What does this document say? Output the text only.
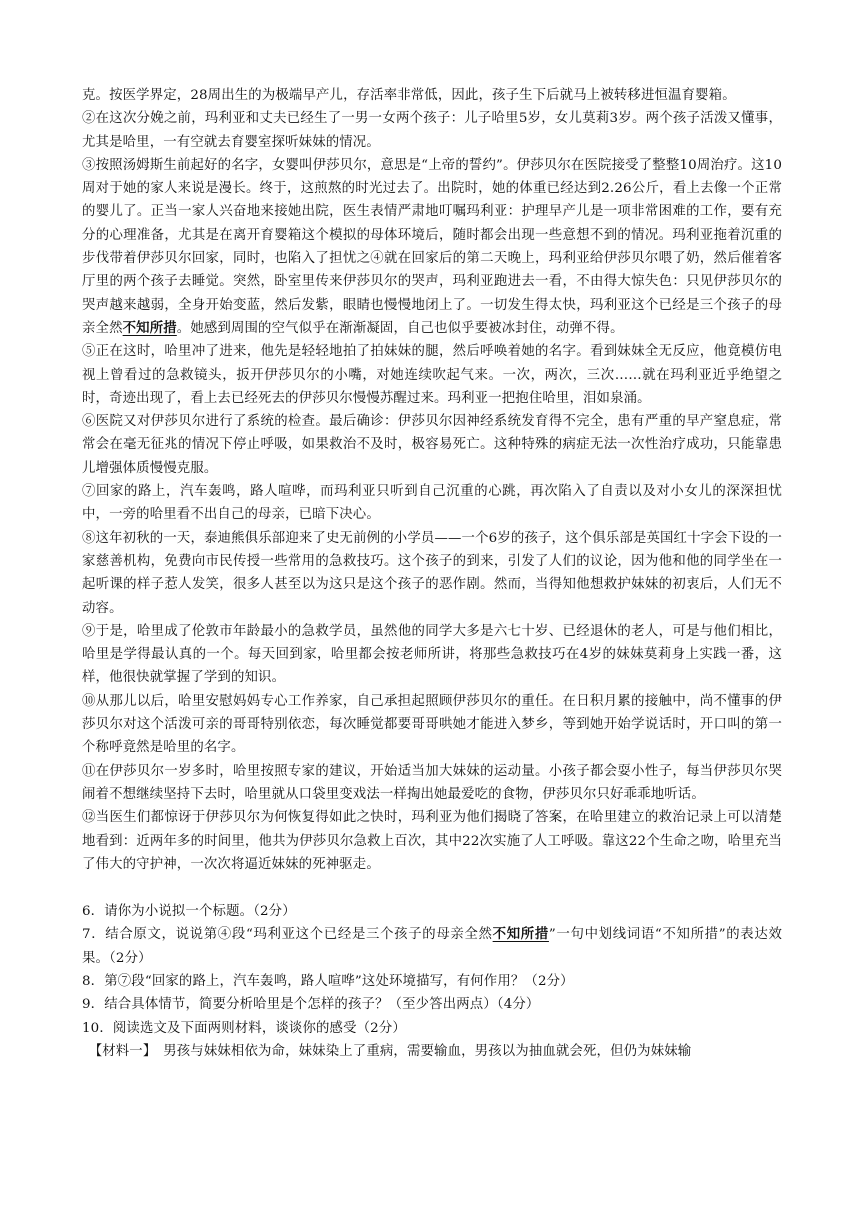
克。按医学界定，28周出生的为极端早产儿，存活率非常低，因此，孩子生下后就马上被转移进恒温育婴箱。

②在这次分娩之前，玛利亚和丈夫已经生了一男一女两个孩子：儿子哈里5岁，女儿莫莉3岁。两个孩子活泼又懂事，尤其是哈里，一有空就去育婴室探听妹妹的情况。

③按照汤姆斯生前起好的名字，女婴叫伊莎贝尔，意思是“上帝的誓约”。伊莎贝尔在医院接受了整整10周治疗。这10周对于她的家人来说是漫长。终于，这煎熬的时光过去了。出院时，她的体重已经达到2.26公斤，看上去像一个正常的婴儿了。正当一家人兴奋地来接她出院，医生表情严肃地叮嘱玛利亚：护理早产儿是一项非常困难的工作，要有充分的心理准备，尤其是在离开育婴箱这个模拟的母体环境后，随时都会出现一些意想不到的情况。玛利亚拖着沉重的步伐带着伊莎贝尔回家，同时，也陷入了担忧之④就在回家后的第二天晚上，玛利亚给伊莎贝尔喂了奶，然后催着客厅里的两个孩子去睡觉。突然，卧室里传来伊莎贝尔的哭声，玛利亚跑进去一看，不由得大惊失色：只见伊莎贝尔的哭声越来越弱，全身开始变蓝，然后发紫，眼睛也慢慢地闭上了。一切发生得太快，玛利亚这个已经是三个孩子的母亲全然不知所措。她感到周围的空气似乎在渐渐凝固，自己也似乎要被冰封住，动弹不得。

⑤正在这时，哈里冲了进来，他先是轻轻地拍了拍妹妹的腿，然后呼唤着她的名字。看到妹妹全无反应，他竟模仿电视上曾看过的急救镜头，扳开伊莎贝尔的小嘴，对她连续吹起气来。一次，两次，三次……就在玛利亚近乎绝望之时，奇迹出现了，看上去已经死去的伊莎贝尔慢慢苏醒过来。玛利亚一把抱住哈里，泪如泉涌。

⑥医院又对伊莎贝尔进行了系统的检查。最后确诊：伊莎贝尔因神经系统发育得不完全，患有严重的早产窒息症，常常会在毫无征兆的情况下停止呼吸，如果救治不及时，极容易死亡。这种特殊的病症无法一次性治疗成功，只能靠患儿增强体质慢慢克服。

⑦回家的路上，汽车轰鸣，路人喧哗，而玛利亚只听到自己沉重的心跳，再次陷入了自责以及对小女儿的深深担忧中，一旁的哈里看不出自己的母亲，已暗下决心。

⑧这年初秋的一天，泰迪熊俱乐部迎来了史无前例的小学员——一个6岁的孩子，这个俱乐部是英国红十字会下设的一家慈善机构，免费向市民传授一些常用的急救技巧。这个孩子的到来，引发了人们的议论，因为他和他的同学坐在一起听课的样子惹人发笑，很多人甚至以为这只是这个孩子的恶作剧。然而，当得知他想救护妹妹的初衷后，人们无不动容。

⑨于是，哈里成了伦敦市年龄最小的急救学员，虽然他的同学大多是六七十岁、已经退休的老人，可是与他们相比，哈里是学得最认真的一个。每天回到家，哈里都会按老师所讲，将那些急救技巧在4岁的妹妹莫莉身上实践一番，这样，他很快就掌握了学到的知识。

⑩从那儿以后，哈里安慰妈妈专心工作养家，自己承担起照顾伊莎贝尔的重任。在日积月累的接触中，尚不懂事的伊莎贝尔对这个活泼可亲的哥哥特别依恋，每次睡觉都要哥哥哄她才能进入梦乡，等到她开始学说话时，开口叫的第一个称呼竟然是哈里的名字。

⑪在伊莎贝尔一岁多时，哈里按照专家的建议，开始适当加大妹妹的运动量。小孩子都会耍小性子，每当伊莎贝尔哭闹着不想继续坚持下去时，哈里就从口袋里变戏法一样掏出她最爱吃的食物，伊莎贝尔只好乖乖地听话。

⑫当医生们都惊讶于伊莎贝尔为何恢复得如此之快时，玛利亚为他们揭晓了答案，在哈里建立的救治记录上可以清楚地看到：近两年多的时间里，他共为伊莎贝尔急救上百次，其中22次实施了人工呼吸。靠这22个生命之吻，哈里充当了伟大的守护神，一次次将逼近妹妹的死神驱走。

6．请你为小说拟一个标题。（2分）

7．结合原文，说说第④段“玛利亚这个已经是三个孩子的母亲全然不知所措”一句中划线词语“不知所措”的表达效果。（2分）

8．第⑦段“回家的路上，汽车轰鸣，路人喧哗”这处环境描写，有何作用？（2分）

9．结合具体情节，简要分析哈里是个怎样的孩子？（至少答出两点）（4分）

10．阅读选文及下面两则材料，谈谈你的感受（2分）

【材料一】　男孩与妹妹相依为命，妹妹染上了重病，需要输血，男孩以为抽血就会死，但仍为妹妹输
